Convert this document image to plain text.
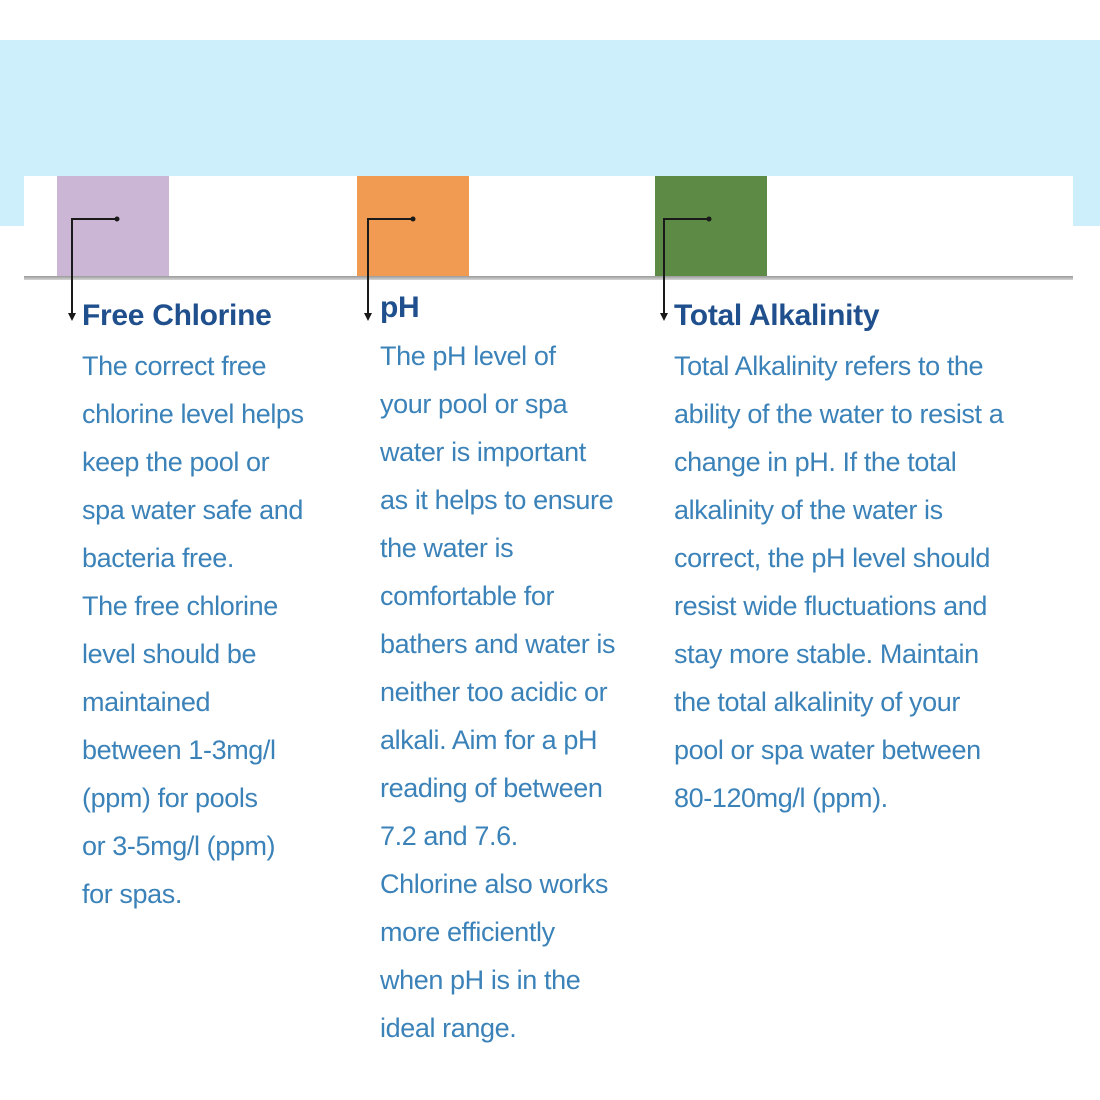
Free Chlorine
The correct free
chlorine level helps
keep the pool or
spa water safe and
bacteria free.
The free chlorine
level should be
maintained
between 1-3mg/l
(ppm) for pools
or 3-5mg/l (ppm)
for spas.
pH
The pH level of
your pool or spa
water is important
as it helps to ensure
the water is
comfortable for
bathers and water is
neither too acidic or
alkali. Aim for a pH
reading of between
7.2 and 7.6.
Chlorine also works
more efficiently
when pH is in the
ideal range.
Total Alkalinity
Total Alkalinity refers to the
ability of the water to resist a
change in pH. If the total
alkalinity of the water is
correct, the pH level should
resist wide fluctuations and
stay more stable. Maintain
the total alkalinity of your
pool or spa water between
80-120mg/l (ppm).
